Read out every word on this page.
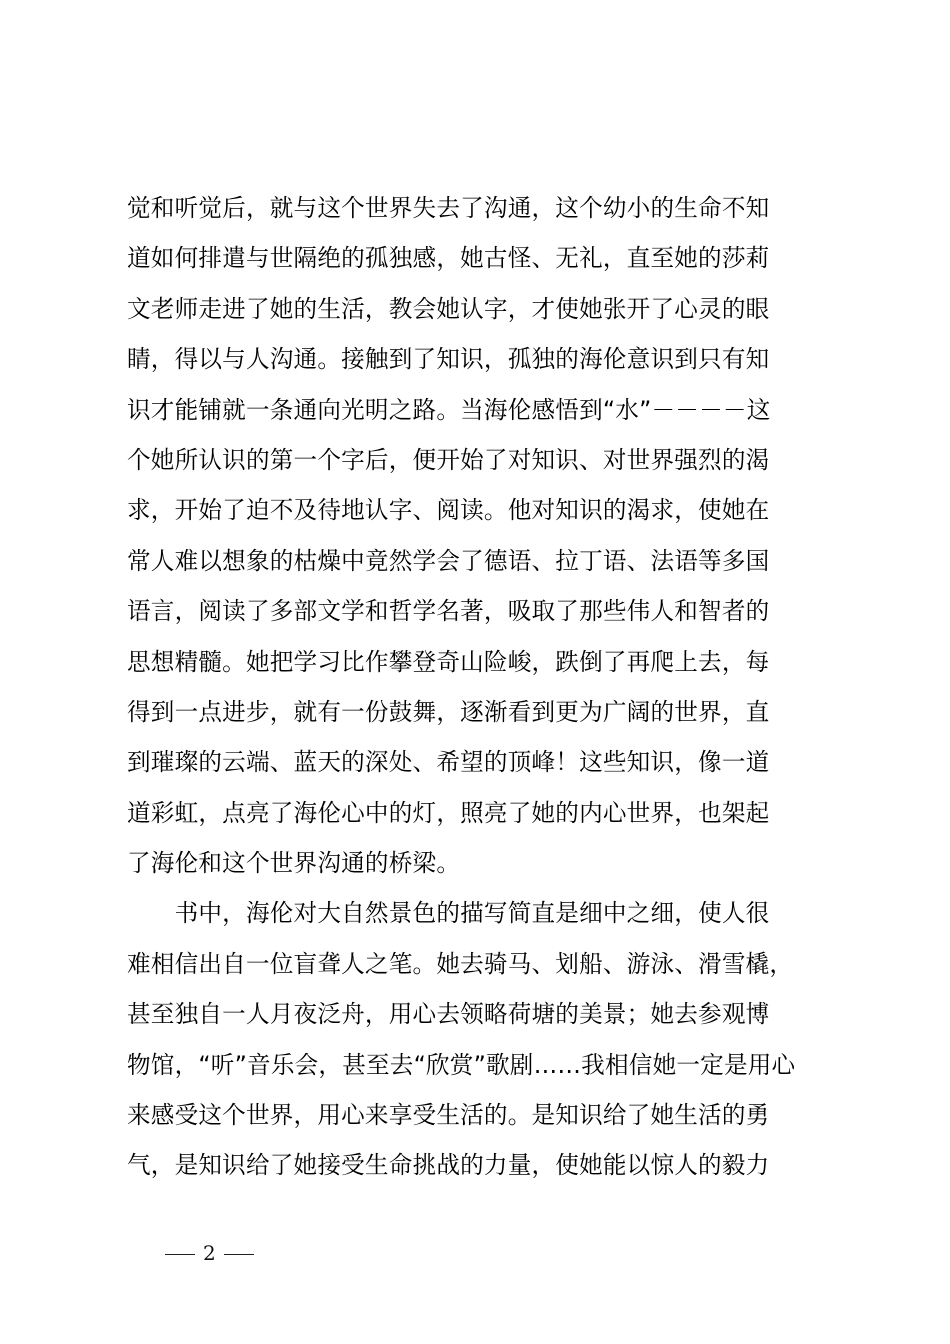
觉和听觉后，就与这个世界失去了沟通，这个幼小的生命不知
道如何排遣与世隔绝的孤独感，她古怪、无礼，直至她的莎莉
文老师走进了她的生活，教会她认字，才使她张开了心灵的眼
睛，得以与人沟通。接触到了知识，孤独的海伦意识到只有知
识才能铺就一条通向光明之路。当海伦感悟到“水”－－－－这
个她所认识的第一个字后，便开始了对知识、对世界强烈的渴
求，开始了迫不及待地认字、阅读。他对知识的渴求，使她在
常人难以想象的枯燥中竟然学会了德语、拉丁语、法语等多国
语言，阅读了多部文学和哲学名著，吸取了那些伟人和智者的
思想精髓。她把学习比作攀登奇山险峻，跌倒了再爬上去，每
得到一点进步，就有一份鼓舞，逐渐看到更为广阔的世界，直
到璀璨的云端、蓝天的深处、希望的顶峰！这些知识，像一道
道彩虹，点亮了海伦心中的灯，照亮了她的内心世界，也架起
了海伦和这个世界沟通的桥梁。
　　书中，海伦对大自然景色的描写简直是细中之细，使人很
难相信出自一位盲聋人之笔。她去骑马、划船、游泳、滑雪橇，
甚至独自一人月夜泛舟，用心去领略荷塘的美景；她去参观博
物馆，“听”音乐会，甚至去“欣赏”歌剧……我相信她一定是用心
来感受这个世界，用心来享受生活的。是知识给了她生活的勇
气，是知识给了她接受生命挑战的力量，使她能以惊人的毅力
2
